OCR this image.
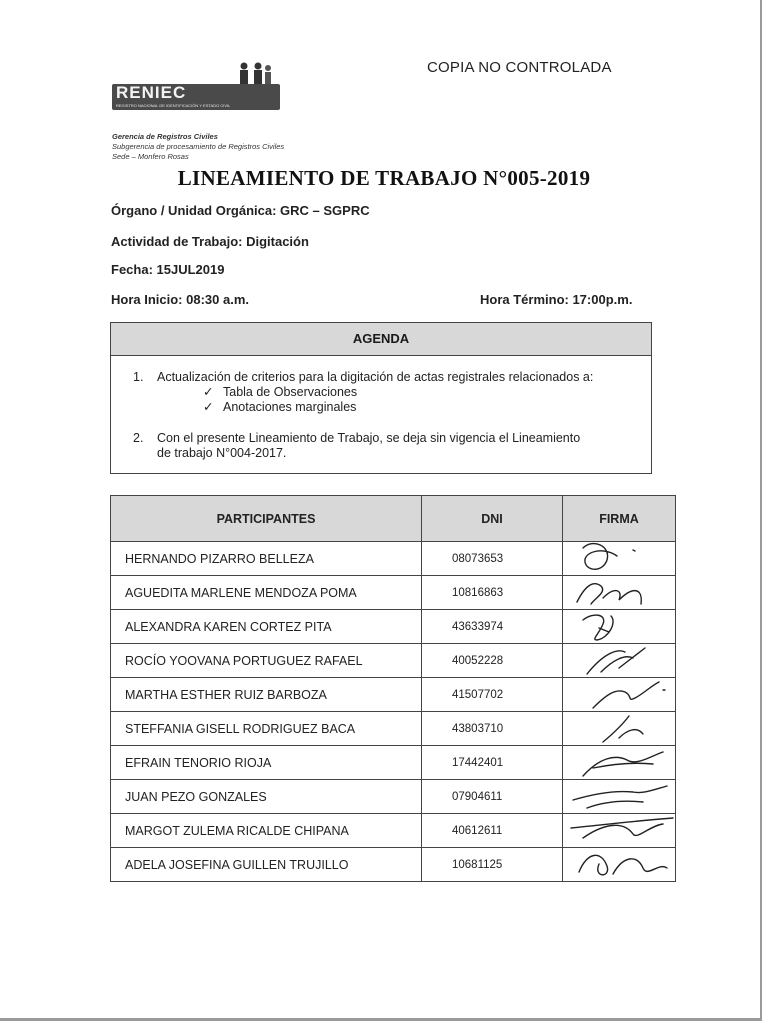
COPIA NO CONTROLADA
RENIEC
REGISTRO NACIONAL DE IDENTIFICACIÓN Y ESTADO CIVIL
Gerencia de Registros Civiles
Subgerencia de procesamiento de Registros Civiles
Sede – Monfero Rosas
LINEAMIENTO DE TRABAJO N°005-2019
Órgano / Unidad Orgánica: GRC – SGPRC
Actividad de Trabajo: Digitación
Fecha: 15JUL2019
Hora Inicio: 08:30 a.m.	Hora Término: 17:00p.m.
AGENDA
1. Actualización de criterios para la digitación de actas registrales relacionados a:
✓ Tabla de Observaciones
✓ Anotaciones marginales
2. Con el presente Lineamiento de Trabajo, se deja sin vigencia el Lineamiento
de trabajo N°004-2017.
PARTICIPANTES	DNI	FIRMA
HERNANDO PIZARRO BELLEZA	08073653	

AGUEDITA MARLENE MENDOZA POMA	10816863	

ALEXANDRA KAREN CORTEZ PITA	43633974	

ROCÍO YOOVANA PORTUGUEZ RAFAEL	40052228	

MARTHA ESTHER RUIZ BARBOZA	41507702	

STEFFANIA GISELL RODRIGUEZ BACA	43803710	

EFRAIN TENORIO RIOJA	17442401	

JUAN PEZO GONZALES	07904611	

MARGOT ZULEMA RICALDE CHIPANA	40612611	

ADELA JOSEFINA GUILLEN TRUJILLO	10681125	
